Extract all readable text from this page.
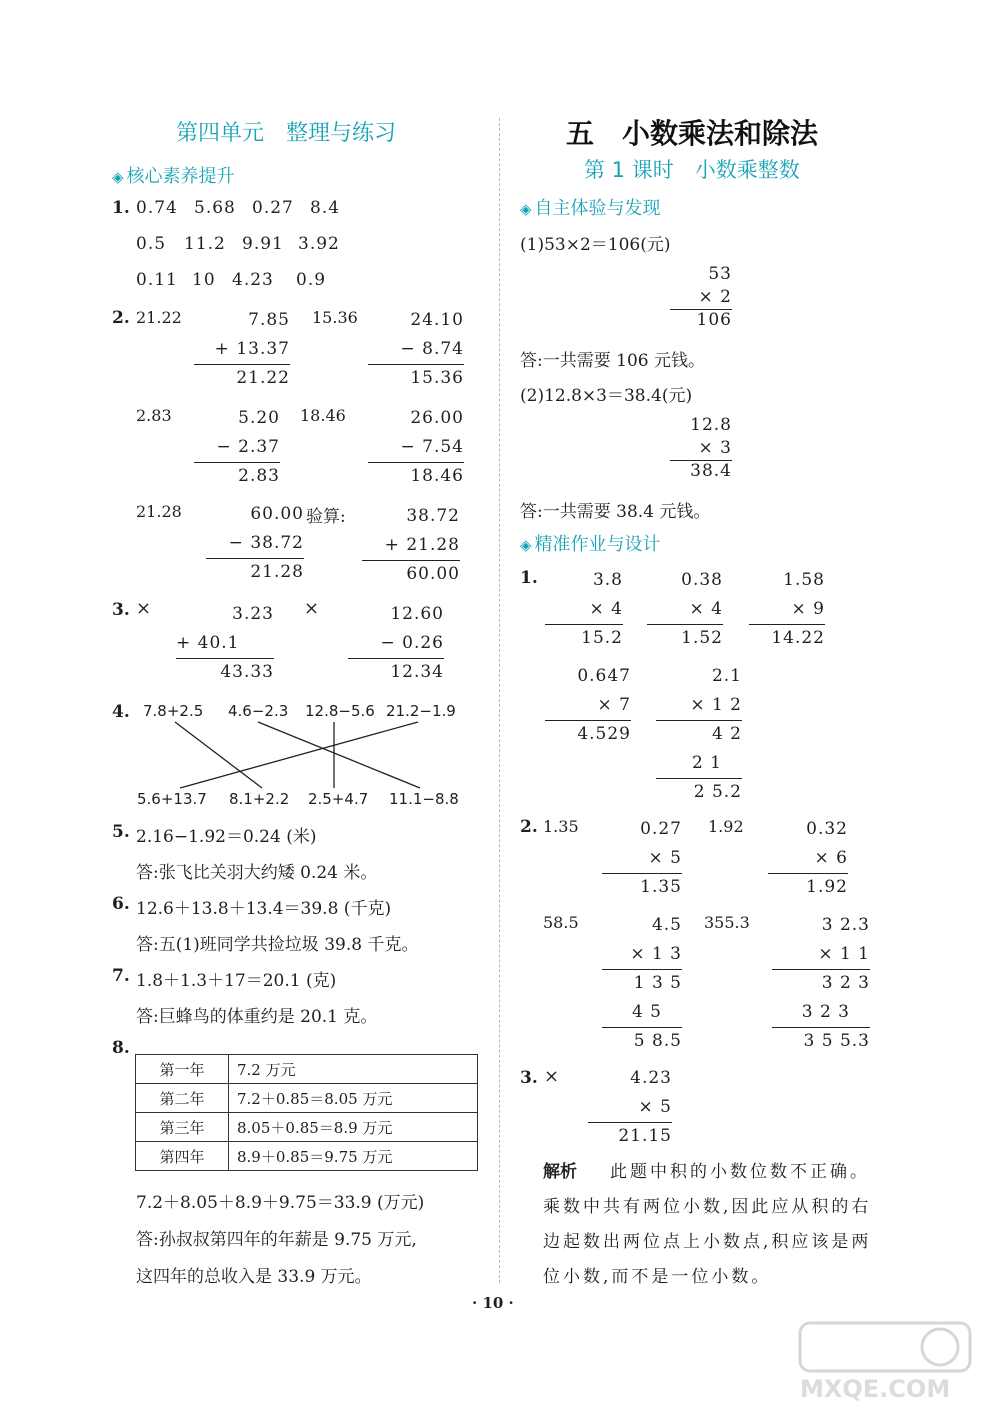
第四单元　整理与练习
◈ 核心素养提升
1. 0.74 5.68 0.27 8.4
0.5 11.2 9.91 3.92
0.11 10 4.23 0.9
2. 21.22	7.85
+ 13.37
21.22
15.36	24.10
− 8.74
15.36
2.83	5.20
− 2.37
2.83
18.46	26.00
− 7.54
18.46
21.28	60.00
− 38.72
21.28
验算:	38.72
+ 21.28
60.00
3. ×	3.23
+ 40.1
43.33
×	12.60
− 0.26
12.34
4. 7.8+2.5 4.6−2.3 12.8−5.6 21.2−1.9
5.6+13.7 8.1+2.2 2.5+4.7 11.1−8.8
5. 2.16−1.92＝0.24 (米)
答:张飞比关羽大约矮 0.24 米。
6. 12.6＋13.8＋13.4＝39.8 (千克)
答:五(1)班同学共捡垃圾 39.8 千克。
7. 1.8＋1.3＋17＝20.1 (克)
答:巨蜂鸟的体重约是 20.1 克。
8.
第一年	7.2 万元
第二年	7.2＋0.85＝8.05 万元
第三年	8.05＋0.85＝8.9 万元
第四年	8.9＋0.85＝9.75 万元
7.2＋8.05＋8.9＋9.75＝33.9 (万元)
答:孙叔叔第四年的年薪是 9.75 万元,
这四年的总收入是 33.9 万元。
五　小数乘法和除法
第 1 课时　小数乘整数
◈ 自主体验与发现
(1)53×2＝106(元)
53
× 2
106
答:一共需要 106 元钱。
(2)12.8×3＝38.4(元)
12.8
× 3
38.4
答:一共需要 38.4 元钱。
◈ 精准作业与设计
1.	3.8
× 4
15.2
0.38
× 4
1.52
1.58
× 9
14.22
0.647
× 7
4.529
2.1
× 1 2
4 2
2 1
2 5.2
2. 1.35	0.27
× 5
1.35
1.92	0.32
× 6
1.92
58.5	4.5
× 1 3
1 3 5
4 5
5 8.5
355.3	3 2.3
× 1 1
3 2 3
3 2 3
3 5 5.3
3. ×	4.23
× 5
21.15
解析 此题中积的小数位数不正确。
乘数中共有两位小数,因此应从积的右
边起数出两位点上小数点,积应该是两
位小数,而不是一位小数。
· 10 ·
MXQE.COM
